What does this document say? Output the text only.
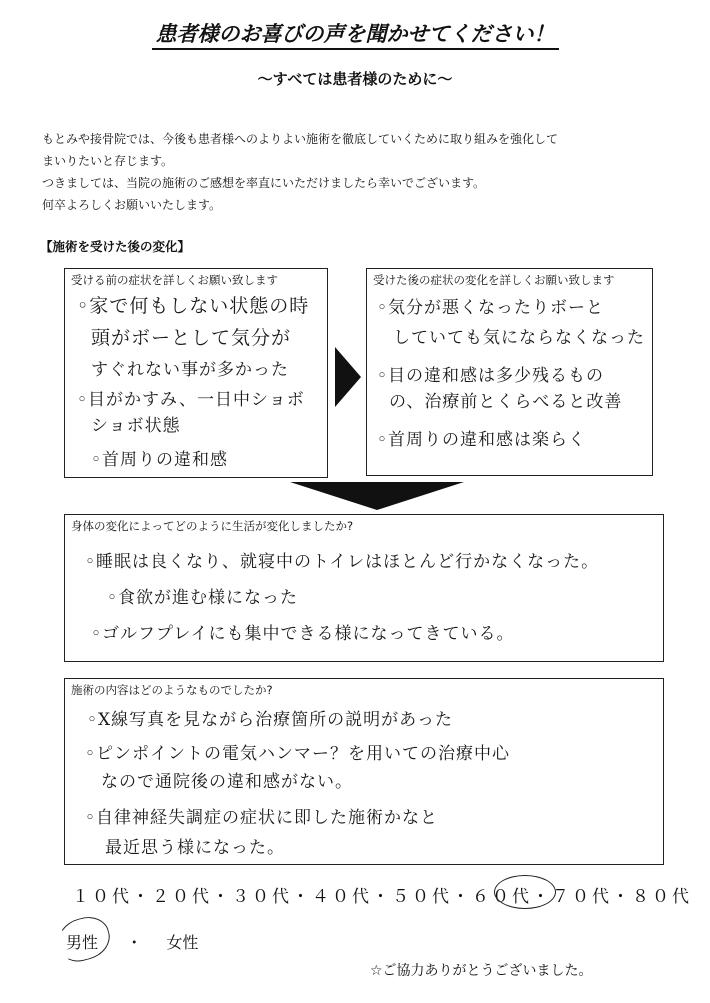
患者様のお喜びの声を聞かせてください！
〜すべては患者様のために〜
もとみや接骨院では、今後も患者様へのよりよい施術を徹底していくために取り組みを強化して
まいりたいと存じます。
つきましては、当院の施術のご感想を率直にいただけましたら幸いでございます。
何卒よろしくお願いいたします。
【施術を受けた後の変化】
受ける前の症状を詳しくお願い致します
◦家で何もしない状態の時
頭がボーとして気分が
すぐれない事が多かった
◦目がかすみ、一日中ショボ
ショボ状態
◦首周りの違和感
受けた後の症状の変化を詳しくお願い致します
◦気分が悪くなったりボーと
していても気にならなくなった
◦目の違和感は多少残るもの
の、治療前とくらべると改善
◦首周りの違和感は楽らく
身体の変化によってどのように生活が変化しましたか?
◦睡眠は良くなり、就寝中のトイレはほとんど行かなくなった。
◦食欲が進む様になった
◦ゴルフプレイにも集中できる様になってきている。
施術の内容はどのようなものでしたか?
◦X線写真を見ながら治療箇所の説明があった
◦ピンポイントの電気ハンマー？を用いての治療中心
なので通院後の違和感がない。
◦自律神経失調症の症状に即した施術かなと
最近思う様になった。
１０代・２０代・３０代・４０代・５０代・６０代・７０代・８０代
男性 ・ 女性
☆ご協力ありがとうございました。
